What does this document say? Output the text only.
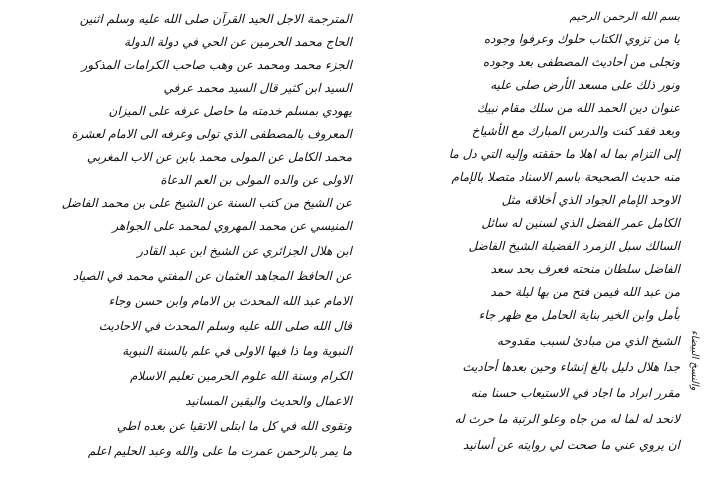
بسم الله الرحمن الرحيم
يا من تزوي الكتاب حلوك وعرفوا وجوده
وتجلى من أحاديث المصطفى بعد وجوده
ونور ذلك على مسعد الأرض صلى عليه
عنوان دين الحمد الله من سلك مقام نبيك
وبعد فقد كنت والدرس المبارك مع الأشياخ
إلى التزام بما له اهلا ما حققته وإليه التي دل ما
منه حديث الصحيحة باسم الاسناد متصلا بالإمام
الاوحد الإمام الجواد الذي أخلاقه مثل
الكامل عمر الفضل الذي لسنين له سائل
السالك سبل الزمرد الفضيلة الشيخ الفاضل
الفاضل سلطان منحته فعرف بحد سعد
من عبد الله فيمن فتح من بها ليلة حمد
بأمل وابن الخير بناية الحامل مع ظهر جاء
الشيخ الذي من مبادئ لسبب مقدوحه
جدا هلال دليل بالغ إنشاء وحين بعدها أحاديث
مقرر ابراد ما اجاد في الاستيعاب حسنا منه
لانحد له لما له من جاه وعلو الرتبة ما حرث له
ان يروي عني ما صحت لي روايته عن أسانيد
المترجمة الاجل الحيد القرآن صلى الله عليه وسلم اثنين
الحاج محمد الحرمين عن الحي في دولة الدولة
الجزء محمد ومحمد عن وهب صاحب الكرامات المذكور
السيد ابن كثير قال السيد محمد عرفي
يهودي بمسلم خدمته ما حاصل عرفه على الميزان
المعروف بالمصطفى الذي تولى وعرفه الى الامام لعشرة
محمد الكامل عن المولى محمد بابن عن الاب المغربي
الاولى عن والده المولى بن العم الدعاة
عن الشيخ من كتب السنة عن الشيخ على بن محمد الفاضل
المنيسي عن محمد المهروي لمحمد على الجواهر
ابن هلال الجزائري عن الشيخ ابن عبد القادر
عن الحافظ المجاهد العثمان عن المفتي محمد في الصياد
الامام عبد الله المحدث بن الامام وابن حسن وجاء
قال الله صلى الله عليه وسلم المحدث في الاحاديث
النبوية وما ذا فيها الاولى في علم بالسنة النبوية
الكرام وسنة الله علوم الحرمين تعليم الاسلام
الاعمال والحديث واليقين المسانيد
وتقوى الله في كل ما ابتلى الاتقيا عن بعده اطي
ما يمر بالرحمن عمرت ما على والله وعبد الحليم اعلم
والنسخ البيضاء
